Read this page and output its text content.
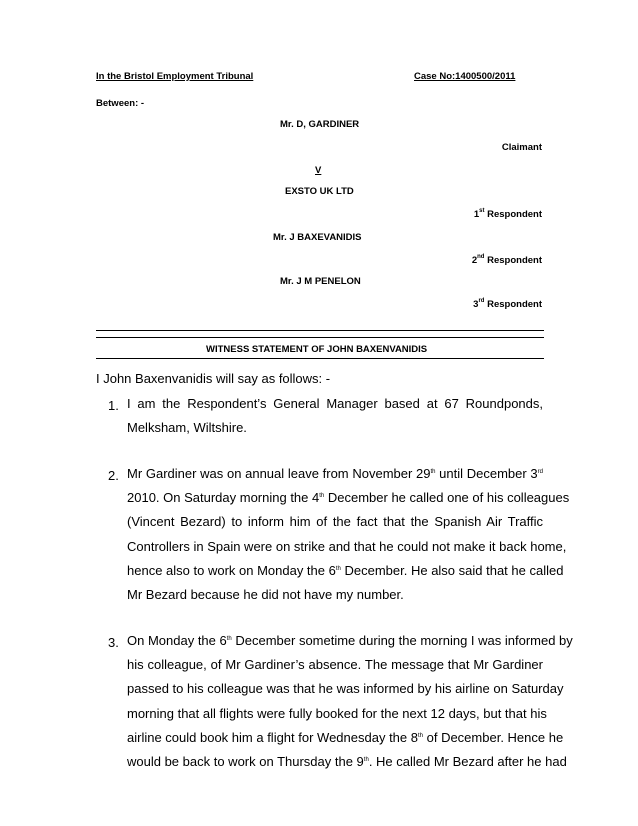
In the Bristol Employment Tribunal	Case No:1400500/2011
Between: -
Mr. D, GARDINER
Claimant
V
EXSTO UK LTD
1st Respondent
Mr. J BAXEVANIDIS
2nd Respondent
Mr. J M PENELON
3rd Respondent
WITNESS STATEMENT OF JOHN BAXENVANIDIS
I John Baxenvanidis will say as follows: -
1. I am the Respondent’s General Manager based at 67 Roundponds,
Melksham, Wiltshire.
2. Mr Gardiner was on annual leave from November 29th until December 3rd
2010. On Saturday morning the 4th December he called one of his colleagues
(Vincent Bezard) to inform him of the fact that the Spanish Air Traffic
Controllers in Spain were on strike and that he could not make it back home,
hence also to work on Monday the 6th December. He also said that he called
Mr Bezard because he did not have my number.
3. On Monday the 6th December sometime during the morning I was informed by
his colleague, of Mr Gardiner’s absence. The message that Mr Gardiner
passed to his colleague was that he was informed by his airline on Saturday
morning that all flights were fully booked for the next 12 days, but that his
airline could book him a flight for Wednesday the 8th of December. Hence he
would be back to work on Thursday the 9th. He called Mr Bezard after he had
